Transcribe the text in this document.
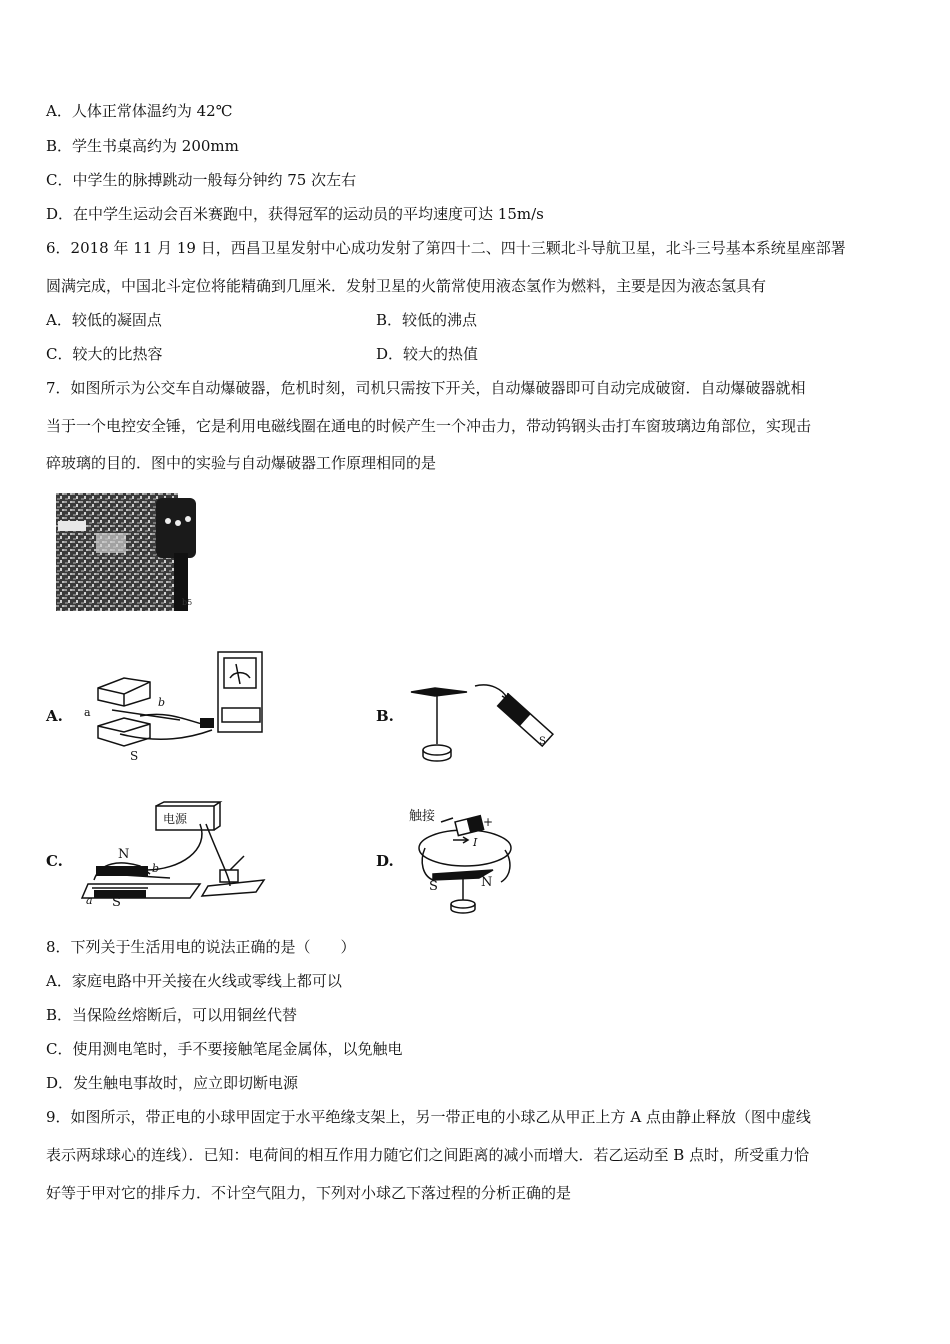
A．人体正常体温约为 42℃
B．学生书桌高约为 200mm
C．中学生的脉搏跳动一般每分钟约 75 次左右
D．在中学生运动会百米赛跑中，获得冠军的运动员的平均速度可达 15m/s
6．2018 年 11 月 19 日，西昌卫星发射中心成功发射了第四十二、四十三颗北斗导航卫星，北斗三号基本系统星座部署
圆满完成，中国北斗定位将能精确到几厘米．发射卫星的火箭常使用液态氢作为燃料，主要是因为液态氢具有
A．较低的凝固点	B．较低的沸点
C．较大的比热容	D．较大的热值
7．如图所示为公交车自动爆破器，危机时刻，司机只需按下开关，自动爆破器即可自动完成破窗．自动爆破器就相
当于一个电控安全锤，它是利用电磁线圈在通电的时候产生一个冲击力，带动钨钢头击打车窗玻璃边角部位，实现击
碎玻璃的目的．图中的实验与自动爆破器工作原理相同的是
b5
A.	B.
C.	D.
a
b
S
S
电源
N
b
a S
触接	+
I
S	N
8．下列关于生活用电的说法正确的是（　　）
A．家庭电路中开关接在火线或零线上都可以
B．当保险丝熔断后，可以用铜丝代替
C．使用测电笔时，手不要接触笔尾金属体，以免触电
D．发生触电事故时，应立即切断电源
9．如图所示，带正电的小球甲固定于水平绝缘支架上，另一带正电的小球乙从甲正上方 A 点由静止释放（图中虚线
表示两球球心的连线）．已知：电荷间的相互作用力随它们之间距离的减小而增大．若乙运动至 B 点时，所受重力恰
好等于甲对它的排斥力．不计空气阻力，下列对小球乙下落过程的分析正确的是
